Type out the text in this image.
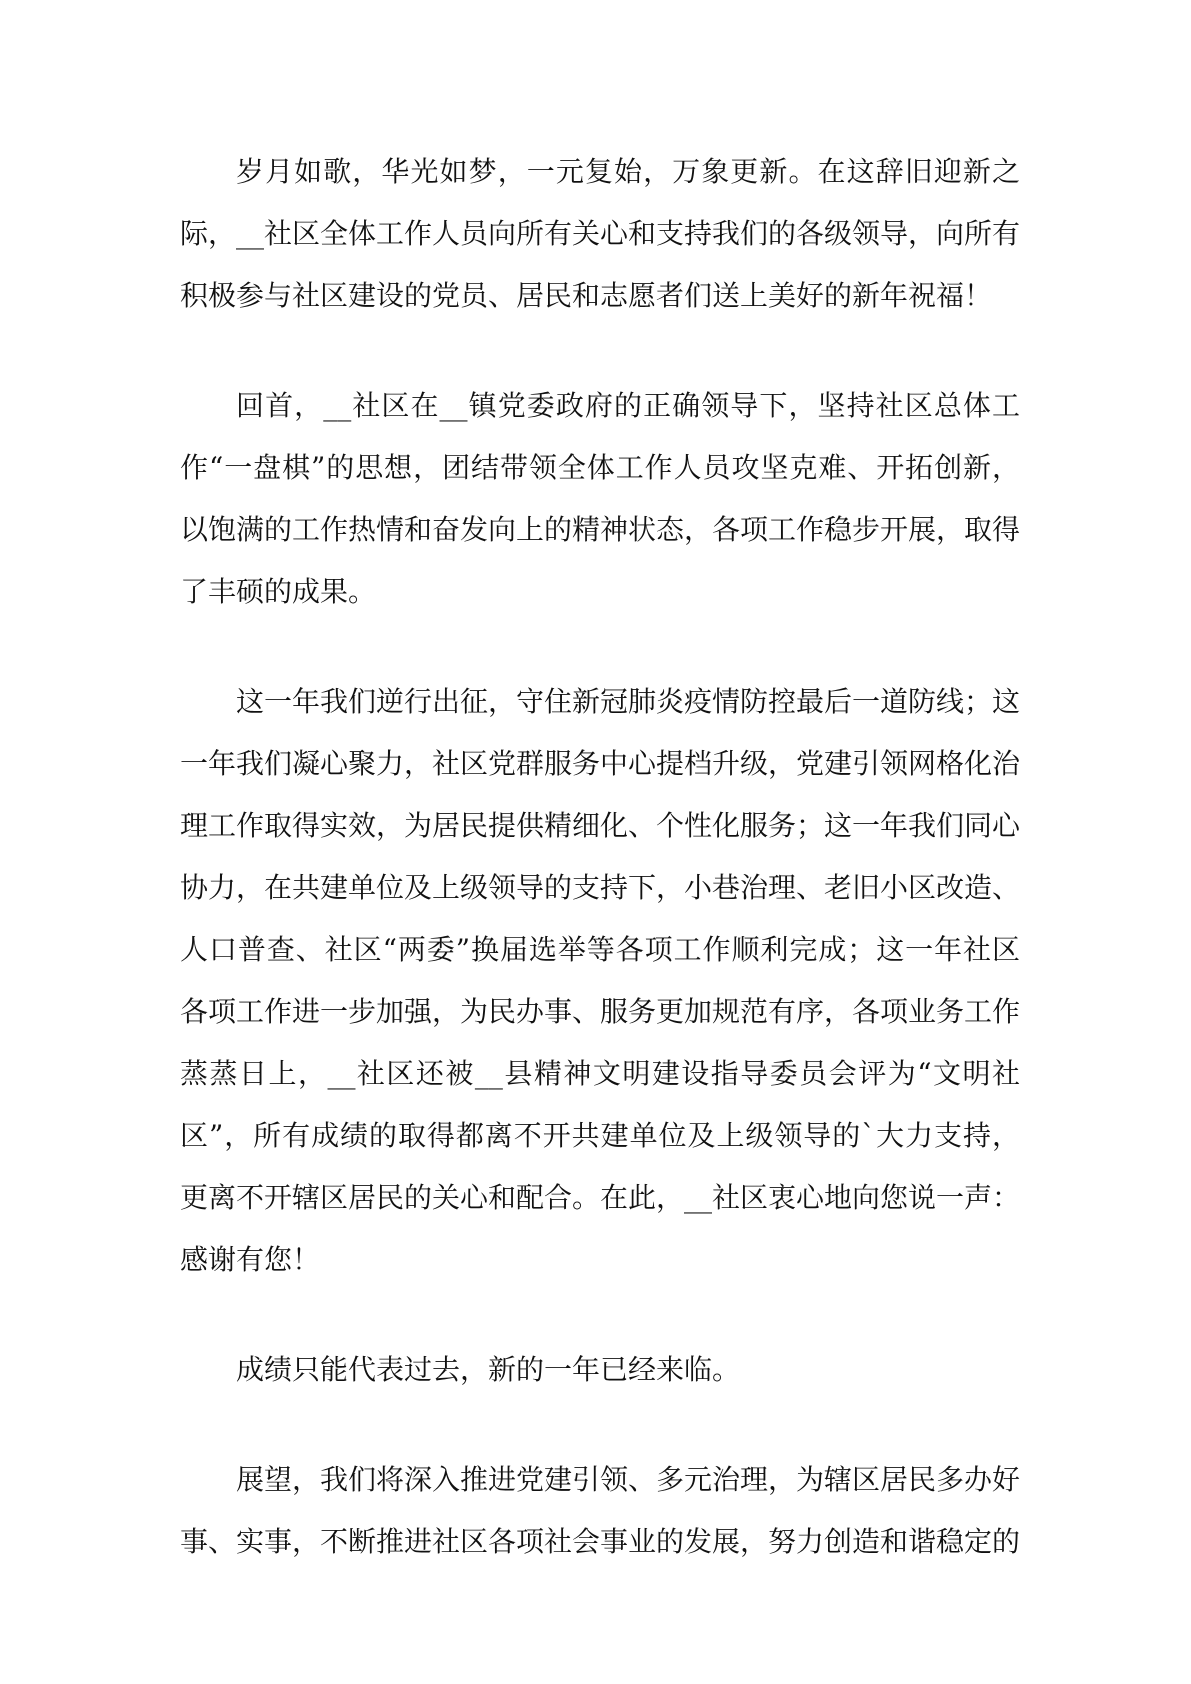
岁月如歌，华光如梦，一元复始，万象更新。在这辞旧迎新之际，__社区全体工作人员向所有关心和支持我们的各级领导，向所有积极参与社区建设的党员、居民和志愿者们送上美好的新年祝福！

回首，__社区在__镇党委政府的正确领导下，坚持社区总体工作“一盘棋”的思想，团结带领全体工作人员攻坚克难、开拓创新，以饱满的工作热情和奋发向上的精神状态，各项工作稳步开展，取得了丰硕的成果。

这一年我们逆行出征，守住新冠肺炎疫情防控最后一道防线；这一年我们凝心聚力，社区党群服务中心提档升级，党建引领网格化治理工作取得实效，为居民提供精细化、个性化服务；这一年我们同心协力，在共建单位及上级领导的支持下，小巷治理、老旧小区改造、人口普查、社区“两委”换届选举等各项工作顺利完成；这一年社区各项工作进一步加强，为民办事、服务更加规范有序，各项业务工作蒸蒸日上，__社区还被__县精神文明建设指导委员会评为“文明社区”，所有成绩的取得都离不开共建单位及上级领导的`大力支持，更离不开辖区居民的关心和配合。在此，__社区衷心地向您说一声：感谢有您！

成绩只能代表过去，新的一年已经来临。

展望，我们将深入推进党建引领、多元治理，为辖区居民多办好事、实事，不断推进社区各项社会事业的发展，努力创造和谐稳定的
